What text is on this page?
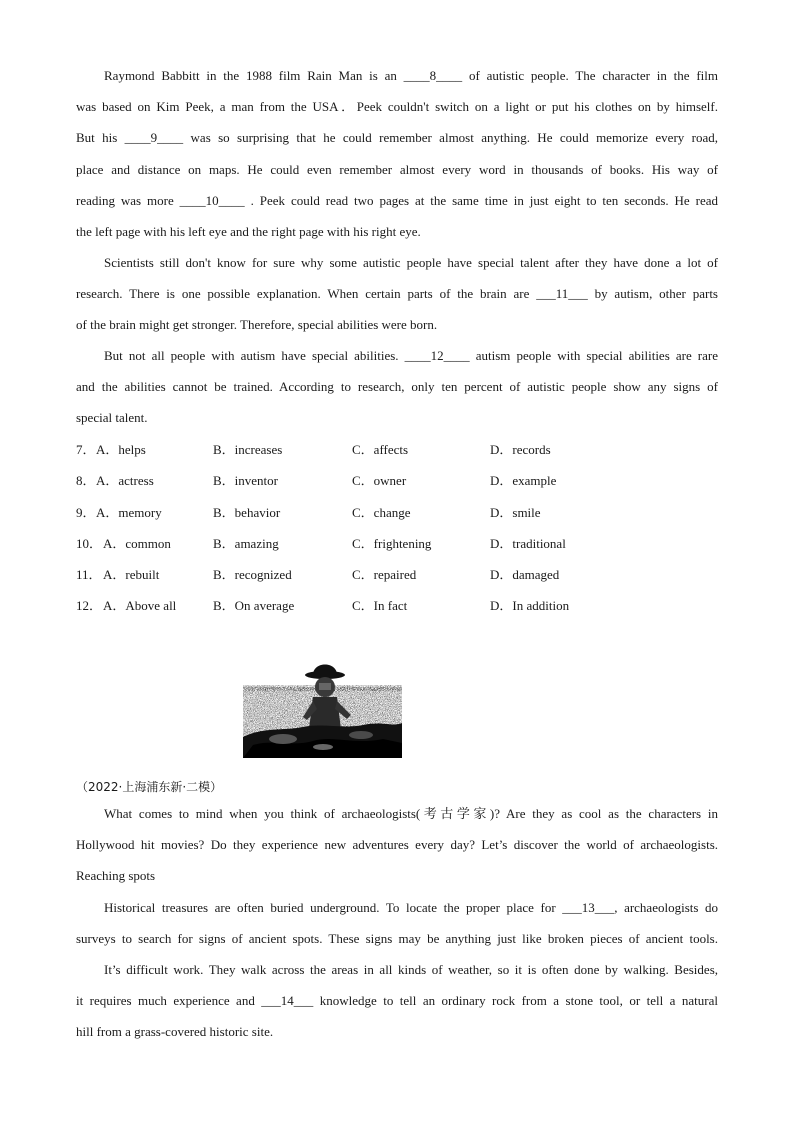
Raymond Babbitt in the 1988 film Rain Man is an ____8____ of autistic people. The character in the film
was based on Kim Peek, a man from the USA．Peek couldn't switch on a light or put his clothes on by himself.
But his ____9____ was so surprising that he could remember almost anything. He could memorize every road,
place and distance on maps. He could even remember almost every word in thousands of books. His way of
reading was more ____10____ . Peek could read two pages at the same time in just eight to ten seconds. He read
the left page with his left eye and the right page with his right eye.
Scientists still don't know for sure why some autistic people have special talent after they have done a lot of
research. There is one possible explanation. When certain parts of the brain are ___11___ by autism, other parts
of the brain might get stronger. Therefore, special abilities were born.
But not all people with autism have special abilities. ____12____ autism people with special abilities are rare
and the abilities cannot be trained. According to research, only ten percent of autistic people show any signs of
special talent.
7． A．helps	B．increases	C．affects	D．records
8． A．actress	B．inventor	C．owner	D．example
9． A．memory	B．behavior	C．change	D．smile
10． A．common	B．amazing	C．frightening	D．traditional
11． A．rebuilt	B．recognized	C．repaired	D．damaged
12． A．Above all	B．On average	C．In fact	D．In addition
（2022·上海浦东新·二模）
What comes to mind when you think of archaeologists(考古学家)? Are they as cool as the characters in
Hollywood hit movies? Do they experience new adventures every day? Let’s discover the world of archaeologists.
Reaching spots
Historical treasures are often buried underground. To locate the proper place for ___13___, archaeologists do
surveys to search for signs of ancient spots. These signs may be anything just like broken pieces of ancient tools.
It’s difficult work. They walk across the areas in all kinds of weather, so it is often done by walking. Besides,
it requires much experience and ___14___ knowledge to tell an ordinary rock from a stone tool, or tell a natural
hill from a grass-covered historic site.
